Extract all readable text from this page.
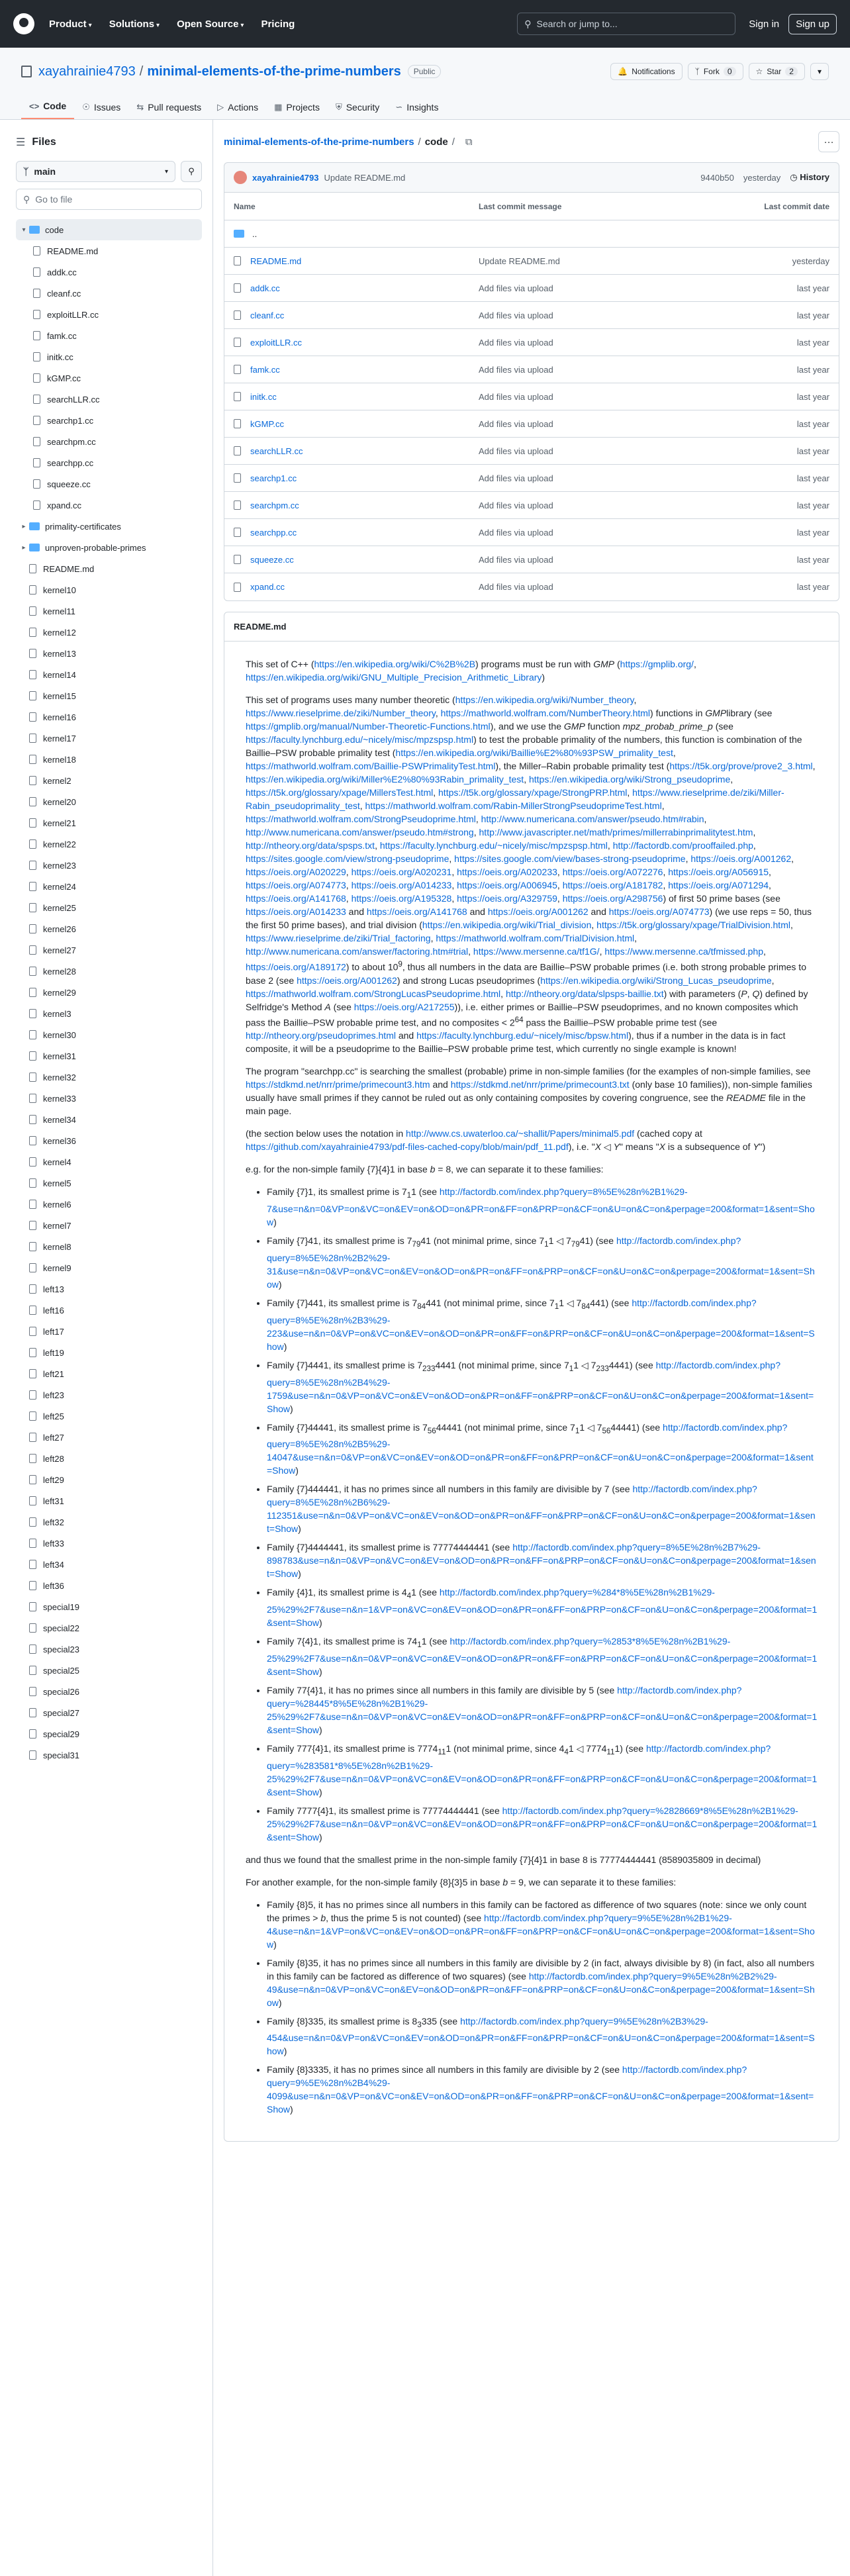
Product ▾ Solutions ▾ Open Source ▾ Pricing	⚲ Search or jump to...	Sign in	Sign up
xayahrainie4793 / minimal-elements-of-the-prime-numbers	Public	🔔 Notifications	ᛉ Fork	0	☆ Star	2	▾
<> Code ☉ Issues ⇆ Pull requests ▷ Actions ▦ Projects ⛨ Security ∽ Insights
☰ Files
ᛉ main	▾ ⚲
⚲ Go to file
▾	code
README.md
addk.cc
cleanf.cc
exploitLLR.cc
famk.cc
initk.cc
kGMP.cc
searchLLR.cc
searchp1.cc
searchpm.cc
searchpp.cc
squeeze.cc
xpand.cc
▸	primality-certificates
▸	unproven-probable-primes
README.md
kernel10
kernel11
kernel12
kernel13
kernel14
kernel15
kernel16
kernel17
kernel18
kernel2
kernel20
kernel21
kernel22
kernel23
kernel24
kernel25
kernel26
kernel27
kernel28
kernel29
kernel3
kernel30
kernel31
kernel32
kernel33
kernel34
kernel36
kernel4
kernel5
kernel6
kernel7
kernel8
kernel9
left13
left16
left17
left19
left21
left23
left25
left27
left28
left29
left31
left32
left33
left34
left36
special19
special22
special23
special25
special26
special27
special29
special31
minimal-elements-of-the-prime-numbers / code / ⧉	···
xayahrainie4793 Update README.md	9440b50 yesterday ◷ History
Name	Last commit message	Last commit date
..
README.md	Update README.md	yesterday
addk.cc	Add files via upload	last year
cleanf.cc	Add files via upload	last year
exploitLLR.cc	Add files via upload	last year
famk.cc	Add files via upload	last year
initk.cc	Add files via upload	last year
kGMP.cc	Add files via upload	last year
searchLLR.cc	Add files via upload	last year
searchp1.cc	Add files via upload	last year
searchpm.cc	Add files via upload	last year
searchpp.cc	Add files via upload	last year
squeeze.cc	Add files via upload	last year
xpand.cc	Add files via upload	last year
README.md

This set of C++ (https://en.wikipedia.org/wiki/C%2B%2B) programs must be run with GMP (https://gmplib.org/, https://en.wikipedia.org/wiki/GNU_Multiple_Precision_Arithmetic_Library)

This set of programs uses many number theoretic (https://en.wikipedia.org/wiki/Number_theory, https://www.rieselprime.de/ziki/Number_theory, https://mathworld.wolfram.com/NumberTheory.html) functions in GMPlibrary (see https://gmplib.org/manual/Number-Theoretic-Functions.html), and we use the GMP function mpz_probab_prime_p (see https://faculty.lynchburg.edu/~nicely/misc/mpzspsp.html) to test the probable primality of the numbers, this function is combination of the Baillie–PSW probable primality test (https://en.wikipedia.org/wiki/Baillie%E2%80%93PSW_primality_test, https://mathworld.wolfram.com/Baillie-PSWPrimalityTest.html), the Miller–Rabin probable primality test (https://t5k.org/prove/prove2_3.html, https://en.wikipedia.org/wiki/Miller%E2%80%93Rabin_primality_test, https://en.wikipedia.org/wiki/Strong_pseudoprime, https://t5k.org/glossary/xpage/MillersTest.html, https://t5k.org/glossary/xpage/StrongPRP.html, https://www.rieselprime.de/ziki/Miller-Rabin_pseudoprimality_test, https://mathworld.wolfram.com/Rabin-MillerStrongPseudoprimeTest.html, https://mathworld.wolfram.com/StrongPseudoprime.html, http://www.numericana.com/answer/pseudo.htm#rabin, http://www.numericana.com/answer/pseudo.htm#strong, http://www.javascripter.net/math/primes/millerrabinprimalitytest.htm, http://ntheory.org/data/spsps.txt, https://faculty.lynchburg.edu/~nicely/misc/mpzspsp.html, http://factordb.com/prooffailed.php, https://sites.google.com/view/strong-pseudoprime, https://sites.google.com/view/bases-strong-pseudoprime, https://oeis.org/A001262, https://oeis.org/A020229, https://oeis.org/A020231, https://oeis.org/A020233, https://oeis.org/A072276, https://oeis.org/A056915, https://oeis.org/A074773, https://oeis.org/A014233, https://oeis.org/A006945, https://oeis.org/A181782, https://oeis.org/A071294, https://oeis.org/A141768, https://oeis.org/A195328, https://oeis.org/A329759, https://oeis.org/A298756) of first 50 prime bases (see https://oeis.org/A014233 and https://oeis.org/A141768 and https://oeis.org/A001262 and https://oeis.org/A074773) (we use reps = 50, thus the first 50 prime bases), and trial division (https://en.wikipedia.org/wiki/Trial_division, https://t5k.org/glossary/xpage/TrialDivision.html, https://www.rieselprime.de/ziki/Trial_factoring, https://mathworld.wolfram.com/TrialDivision.html, http://www.numericana.com/answer/factoring.htm#trial, https://www.mersenne.ca/tf1G/, https://www.mersenne.ca/tfmissed.php, https://oeis.org/A189172) to about $10^9$, thus all numbers in the data are Baillie–PSW probable primes (i.e. both strong probable primes to base 2 (see https://oeis.org/A001262) and strong Lucas pseudoprimes (https://en.wikipedia.org/wiki/Strong_Lucas_pseudoprime, https://mathworld.wolfram.com/StrongLucasPseudoprime.html, http://ntheory.org/data/slpsps-baillie.txt) with parameters (P, Q) defined by Selfridge's Method A (see https://oeis.org/A217255)), i.e. either primes or Baillie–PSW pseudoprimes, and no known composites which pass the Baillie–PSW probable prime test, and no composites < $2^{64}$ pass the Baillie–PSW probable prime test (see http://ntheory.org/pseudoprimes.html and https://faculty.lynchburg.edu/~nicely/misc/bpsw.html), thus if a number in the data is in fact composite, it will be a pseudoprime to the Baillie–PSW probable prime test, which currently no single example is known!

The program "searchpp.cc" is searching the smallest (probable) prime in non-simple families (for the examples of non-simple families, see https://stdkmd.net/nrr/prime/primecount3.htm and https://stdkmd.net/nrr/prime/primecount3.txt (only base 10 families)), non-simple families usually have small primes if they cannot be ruled out as only containing composites by covering congruence, see the README file in the main page.

(the section below uses the notation in http://www.cs.uwaterloo.ca/~shallit/Papers/minimal5.pdf (cached copy at https://github.com/xayahrainie4793/pdf-files-cached-copy/blob/main/pdf_11.pdf), i.e. "X ◁ Y" means "X is a subsequence of Y")

e.g. for the non-simple family {7}{4}1 in base b = 8, we can separate it to these families:

• Family {7}1, its smallest prime is $7_11$ (see http://factordb.com/index.php?query=8%5E%28n%2B1%29-7&use=n&n=0&VP=on&VC=on&EV=on&OD=on&PR=on&FF=on&PRP=on&CF=on&U=on&C=on&perpage=200&format=1&sent=Show)
• Family {7}41, its smallest prime is $7_{79}41$ (not minimal prime, since $7_11$ ◁ $7_{79}41$) (see http://factordb.com/index.php?query=8%5E%28n%2B2%29-31&use=n&n=0&VP=on&VC=on&EV=on&OD=on&PR=on&FF=on&PRP=on&CF=on&U=on&C=on&perpage=200&format=1&sent=Show)
• Family {7}441, its smallest prime is $7_{84}441$ (not minimal prime, since $7_11$ ◁ $7_{84}441$) (see http://factordb.com/index.php?query=8%5E%28n%2B3%29-223&use=n&n=0&VP=on&VC=on&EV=on&OD=on&PR=on&FF=on&PRP=on&CF=on&U=on&C=on&perpage=200&format=1&sent=Show)
• Family {7}4441, its smallest prime is $7_{233}4441$ (not minimal prime, since $7_11$ ◁ $7_{233}4441$) (see http://factordb.com/index.php?query=8%5E%28n%2B4%29-1759&use=n&n=0&VP=on&VC=on&EV=on&OD=on&PR=on&FF=on&PRP=on&CF=on&U=on&C=on&perpage=200&format=1&sent=Show)
• Family {7}44441, its smallest prime is $7_{56}44441$ (not minimal prime, since $7_11$ ◁ $7_{56}44441$) (see http://factordb.com/index.php?query=8%5E%28n%2B5%29-14047&use=n&n=0&VP=on&VC=on&EV=on&OD=on&PR=on&FF=on&PRP=on&CF=on&U=on&C=on&perpage=200&format=1&sent=Show)
• Family {7}444441, it has no primes since all numbers in this family are divisible by 7 (see http://factordb.com/index.php?query=8%5E%28n%2B6%29-112351&use=n&n=0&VP=on&VC=on&EV=on&OD=on&PR=on&FF=on&PRP=on&CF=on&U=on&C=on&perpage=200&format=1&sent=Show)
• Family {7}4444441, its smallest prime is 77774444441 (see http://factordb.com/index.php?query=8%5E%28n%2B7%29-898783&use=n&n=0&VP=on&VC=on&EV=on&OD=on&PR=on&FF=on&PRP=on&CF=on&U=on&C=on&perpage=200&format=1&sent=Show)
• Family {4}1, its smallest prime is $4_41$ (see http://factordb.com/index.php?query=%284*8%5E%28n%2B1%29-25%29%2F7&use=n&n=1&VP=on&VC=on&EV=on&OD=on&PR=on&FF=on&PRP=on&CF=on&U=on&C=on&perpage=200&format=1&sent=Show)
• Family 7{4}1, its smallest prime is $74_11$ (see http://factordb.com/index.php?query=%2853*8%5E%28n%2B1%29-25%29%2F7&use=n&n=0&VP=on&VC=on&EV=on&OD=on&PR=on&FF=on&PRP=on&CF=on&U=on&C=on&perpage=200&format=1&sent=Show)
• Family 77{4}1, it has no primes since all numbers in this family are divisible by 5 (see http://factordb.com/index.php?query=%28445*8%5E%28n%2B1%29-25%29%2F7&use=n&n=0&VP=on&VC=on&EV=on&OD=on&PR=on&FF=on&PRP=on&CF=on&U=on&C=on&perpage=200&format=1&sent=Show)
• Family 777{4}1, its smallest prime is $7774_{11}1$ (not minimal prime, since $4_41$ ◁ $7774_{11}1$) (see http://factordb.com/index.php?query=%283581*8%5E%28n%2B1%29-25%29%2F7&use=n&n=0&VP=on&VC=on&EV=on&OD=on&PR=on&FF=on&PRP=on&CF=on&U=on&C=on&perpage=200&format=1&sent=Show)
• Family 7777{4}1, its smallest prime is 77774444441 (see http://factordb.com/index.php?query=%2828669*8%5E%28n%2B1%29-25%29%2F7&use=n&n=0&VP=on&VC=on&EV=on&OD=on&PR=on&FF=on&PRP=on&CF=on&U=on&C=on&perpage=200&format=1&sent=Show)

and thus we found that the smallest prime in the non-simple family {7}{4}1 in base 8 is 77774444441 (8589035809 in decimal)

For another example, for the non-simple family {8}{3}5 in base b = 9, we can separate it to these families:

• Family {8}5, it has no primes since all numbers in this family can be factored as difference of two squares (note: since we only count the primes > b, thus the prime 5 is not counted) (see http://factordb.com/index.php?query=9%5E%28n%2B1%29-4&use=n&n=1&VP=on&VC=on&EV=on&OD=on&PR=on&FF=on&PRP=on&CF=on&U=on&C=on&perpage=200&format=1&sent=Show)
• Family {8}35, it has no primes since all numbers in this family are divisible by 2 (in fact, always divisible by 8) (in fact, also all numbers in this family can be factored as difference of two squares) (see http://factordb.com/index.php?query=9%5E%28n%2B2%29-49&use=n&n=0&VP=on&VC=on&EV=on&OD=on&PR=on&FF=on&PRP=on&CF=on&U=on&C=on&perpage=200&format=1&sent=Show)
• Family {8}335, its smallest prime is $8_3335$ (see http://factordb.com/index.php?query=9%5E%28n%2B3%29-454&use=n&n=0&VP=on&VC=on&EV=on&OD=on&PR=on&FF=on&PRP=on&CF=on&U=on&C=on&perpage=200&format=1&sent=Show)
• Family {8}3335, it has no primes since all numbers in this family are divisible by 2 (see http://factordb.com/index.php?query=9%5E%28n%2B4%29-4099&use=n&n=0&VP=on&VC=on&EV=on&OD=on&PR=on&FF=on&PRP=on&CF=on&U=on&C=on&perpage=200&format=1&sent=Show)
